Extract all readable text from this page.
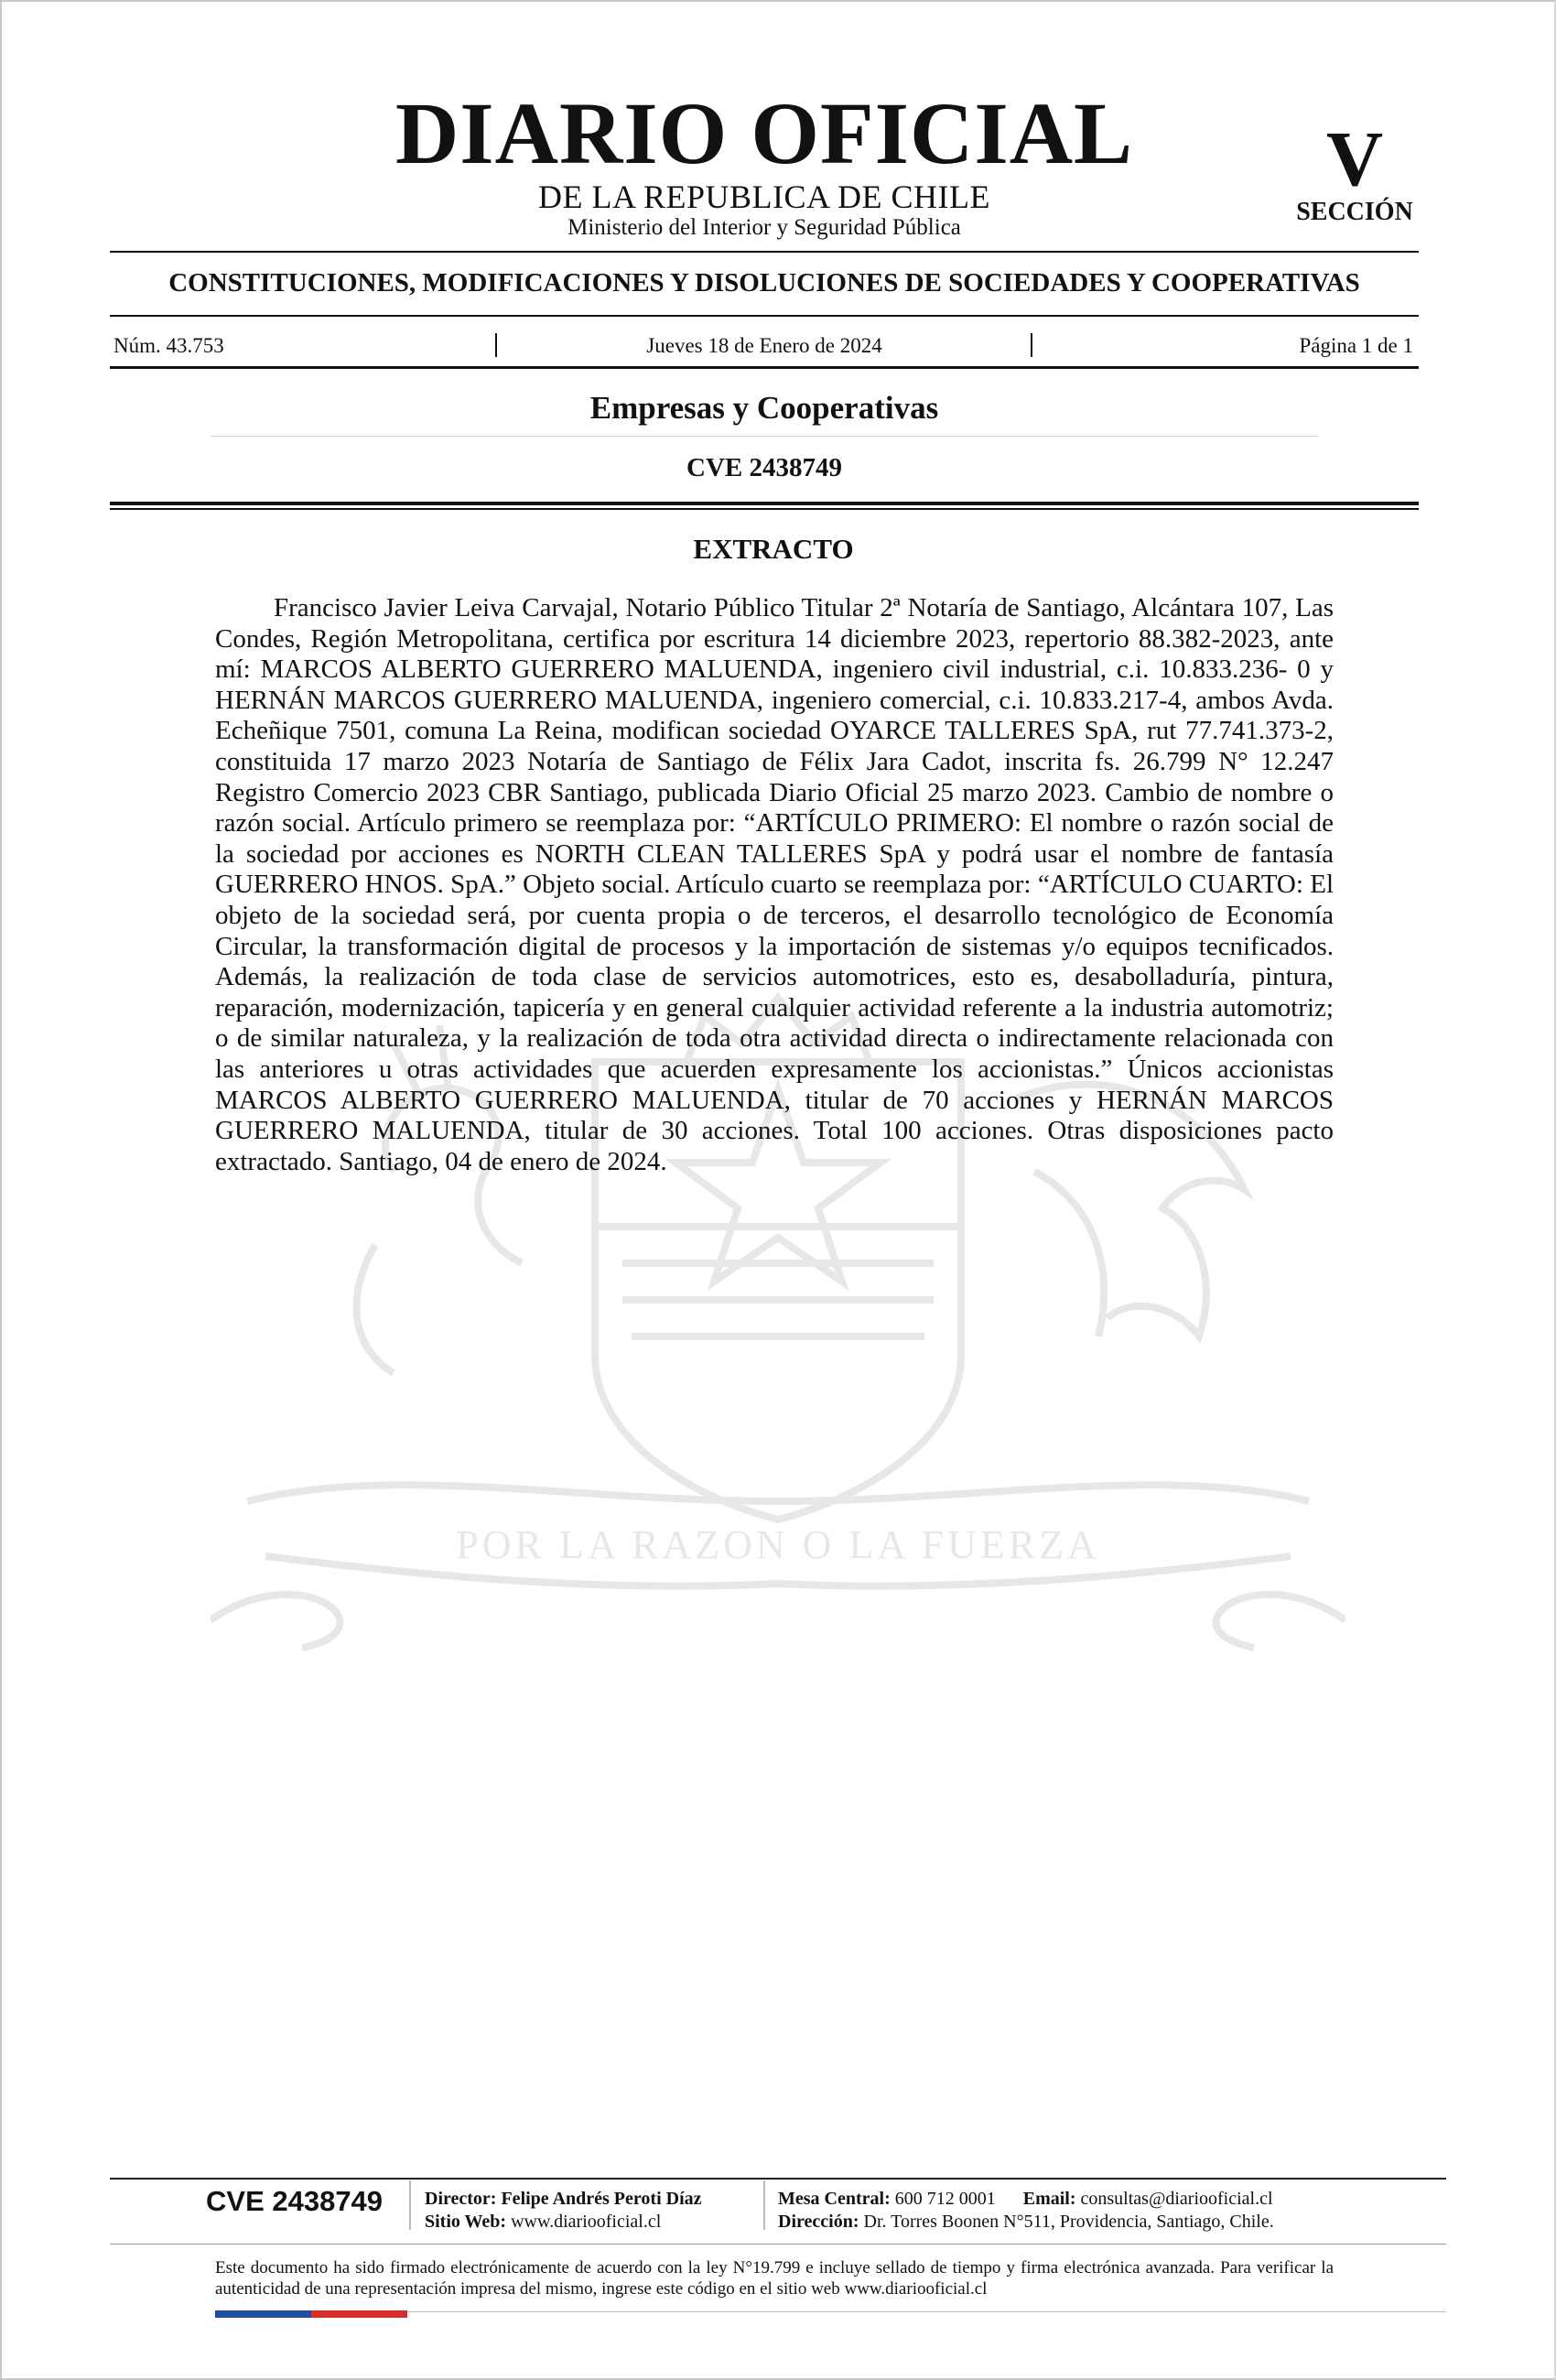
DIARIO OFICIAL
DE LA REPUBLICA DE CHILE
Ministerio del Interior y Seguridad Pública
V
SECCIÓN
CONSTITUCIONES, MODIFICACIONES Y DISOLUCIONES DE SOCIEDADES Y COOPERATIVAS
Núm. 43.753	Jueves 18 de Enero de 2024	Página 1 de 1
Empresas y Cooperativas
CVE 2438749
POR LA RAZON O LA FUERZA
EXTRACTO

Francisco Javier Leiva Carvajal, Notario Público Titular 2ª Notaría de Santiago, Alcántara 107, Las Condes, Región Metropolitana, certifica por escritura 14 diciembre 2023, repertorio 88.382-2023, ante mí: MARCOS ALBERTO GUERRERO MALUENDA, ingeniero civil industrial, c.i. 10.833.236- 0 y HERNÁN MARCOS GUERRERO MALUENDA, ingeniero comercial, c.i. 10.833.217-4, ambos Avda. Echeñique 7501, comuna La Reina, modifican sociedad OYARCE TALLERES SpA, rut 77.741.373-2, constituida 17 marzo 2023 Notaría de Santiago de Félix Jara Cadot, inscrita fs. 26.799 N° 12.247 Registro Comercio 2023 CBR Santiago, publicada Diario Oficial 25 marzo 2023. Cambio de nombre o razón social. Artículo primero se reemplaza por: “ARTÍCULO PRIMERO: El nombre o razón social de la sociedad por acciones es NORTH CLEAN TALLERES SpA y podrá usar el nombre de fantasía GUERRERO HNOS. SpA.” Objeto social. Artículo cuarto se reemplaza por: “ARTÍCULO CUARTO: El objeto de la sociedad será, por cuenta propia o de terceros, el desarrollo tecnológico de Economía Circular, la transformación digital de procesos y la importación de sistemas y/o equipos tecnificados. Además, la realización de toda clase de servicios automotrices, esto es, desabolladuría, pintura, reparación, modernización, tapicería y en general cualquier actividad referente a la industria automotriz; o de similar naturaleza, y la realización de toda otra actividad directa o indirectamente relacionada con las anteriores u otras actividades que acuerden expresamente los accionistas.” Únicos accionistas MARCOS ALBERTO GUERRERO MALUENDA, titular de 70 acciones y HERNÁN MARCOS GUERRERO MALUENDA, titular de 30 acciones. Total 100 acciones. Otras disposiciones pacto extractado. Santiago, 04 de enero de 2024.

CVE 2438749 Director: Felipe Andrés Peroti Díaz
Sitio Web: www.diariooficial.cl
Mesa Central: 600 712 0001 Email: consultas@diariooficial.cl
Dirección: Dr. Torres Boonen N°511, Providencia, Santiago, Chile.

Este documento ha sido firmado electrónicamente de acuerdo con la ley N°19.799 e incluye sellado de tiempo y firma electrónica avanzada. Para verificar la autenticidad de una representación impresa del mismo, ingrese este código en el sitio web www.diariooficial.cl
